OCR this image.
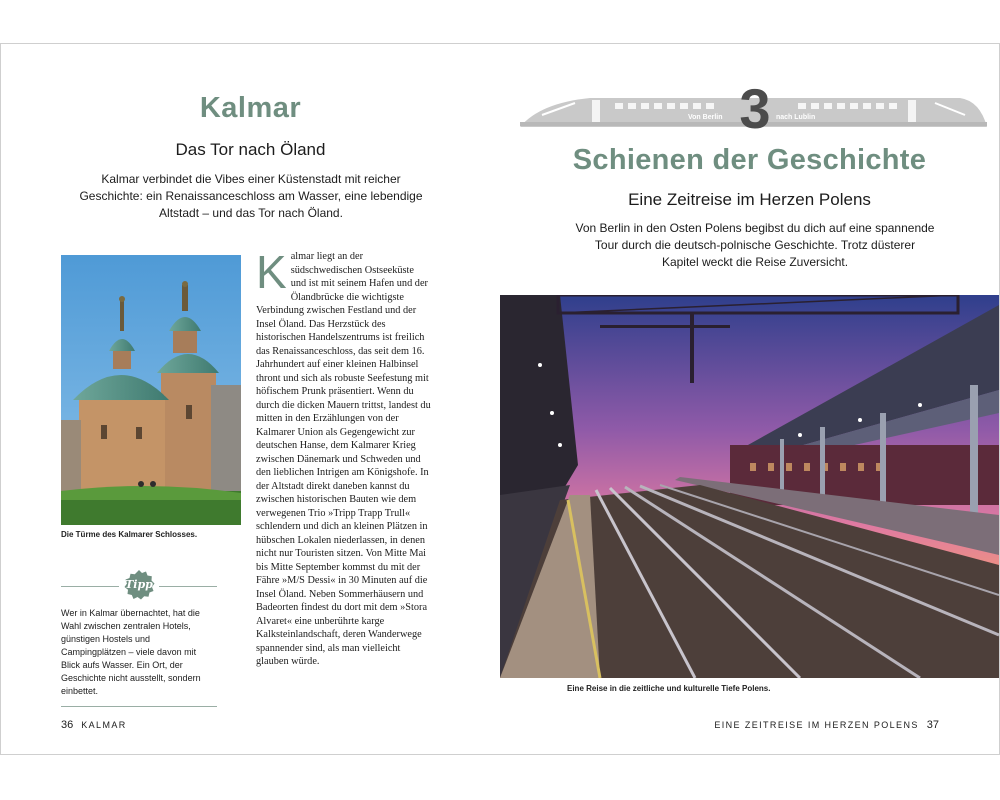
Kalmar
Das Tor nach Öland

Kalmar verbindet die Vibes einer Küstenstadt mit reicher Geschichte: ein Renaissanceschloss am Wasser, eine lebendige Altstadt – und das Tor nach Öland.

Die Türme des Kalmarer Schlosses.

Tipp

Wer in Kalmar übernachtet, hat die Wahl zwischen zentralen Hotels, günstigen Hostels und Campingplätzen – viele davon mit Blick aufs Wasser. Ein Ort, der Geschichte nicht ausstellt, sondern einbettet.

Kalmar liegt an der südschwedischen Ostseeküste und ist mit seinem Hafen und der Ölandbrücke die wichtigste Verbindung zwischen Festland und der Insel Öland. Das Herzstück des historischen Handelszentrums ist freilich das Renaissanceschloss, das seit dem 16. Jahrhundert auf einer kleinen Halbinsel thront und sich als robuste Seefestung mit höfischem Prunk präsentiert. Wenn du durch die dicken Mauern trittst, landest du mitten in den Erzählungen von der Kalmarer Union als Gegengewicht zur deutschen Hanse, dem Kalmarer Krieg zwischen Dänemark und Schweden und den lieblichen Intrigen am Königshofe. In der Altstadt direkt daneben kannst du zwischen historischen Bauten wie dem verwegenen Trio »Tripp Trapp Trull« schlendern und dich an kleinen Plätzen in hübschen Lokalen niederlassen, in denen nicht nur Touristen sitzen. Von Mitte Mai bis Mitte September kommst du mit der Fähre »M/S Dessi« in 30 Minuten auf die Insel Öland. Neben Sommerhäusern und Badeorten findest du dort mit dem »Stora Alvaret« eine unberührte karge Kalksteinlandschaft, deren Wanderwege spannender sind, als man vielleicht glauben würde.

36 KALMAR
Von Berlin	nach Lublin
3
Schienen der Geschichte
Eine Zeitreise im Herzen Polens

Von Berlin in den Osten Polens begibst du dich auf eine spannende Tour durch die deutsch-polnische Geschichte. Trotz düsterer Kapitel weckt die Reise Zuversicht.

Eine Reise in die zeitliche und kulturelle Tiefe Polens.

EINE ZEITREISE IM HERZEN POLENS 37
